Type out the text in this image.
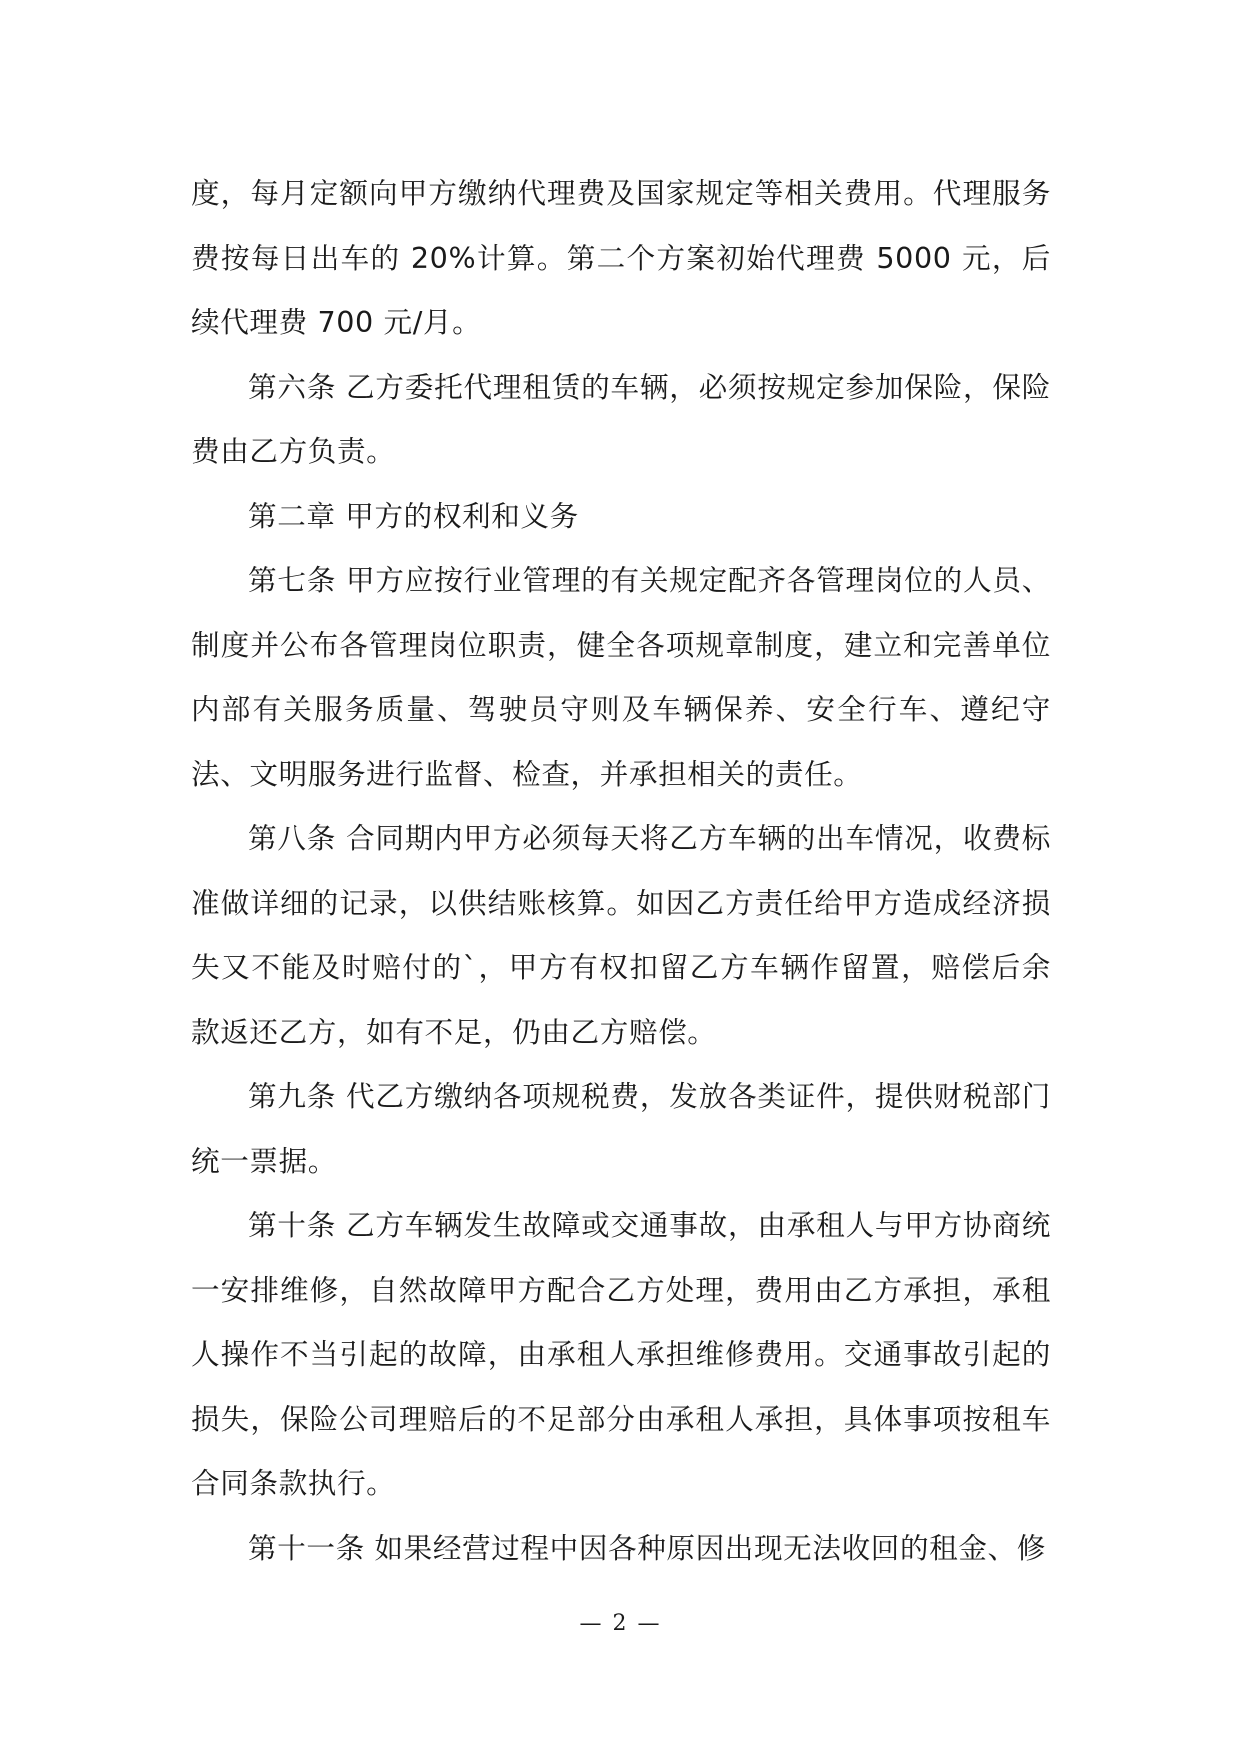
度，每月定额向甲方缴纳代理费及国家规定等相关费用。代理服务费按每日出车的 20%计算。第二个方案初始代理费 5000 元，后续代理费 700 元/月。

第六条 乙方委托代理租赁的车辆，必须按规定参加保险，保险费由乙方负责。

第二章 甲方的权利和义务

第七条 甲方应按行业管理的有关规定配齐各管理岗位的人员、制度并公布各管理岗位职责，健全各项规章制度，建立和完善单位内部有关服务质量、驾驶员守则及车辆保养、安全行车、遵纪守法、文明服务进行监督、检查，并承担相关的责任。

第八条 合同期内甲方必须每天将乙方车辆的出车情况，收费标准做详细的记录，以供结账核算。如因乙方责任给甲方造成经济损失又不能及时赔付的`，甲方有权扣留乙方车辆作留置，赔偿后余款返还乙方，如有不足，仍由乙方赔偿。

第九条 代乙方缴纳各项规税费，发放各类证件，提供财税部门统一票据。

第十条 乙方车辆发生故障或交通事故，由承租人与甲方协商统一安排维修，自然故障甲方配合乙方处理，费用由乙方承担，承租人操作不当引起的故障，由承租人承担维修费用。交通事故引起的损失，保险公司理赔后的不足部分由承租人承担，具体事项按租车合同条款执行。

第十一条 如果经营过程中因各种原因出现无法收回的租金、修

— 2 —
